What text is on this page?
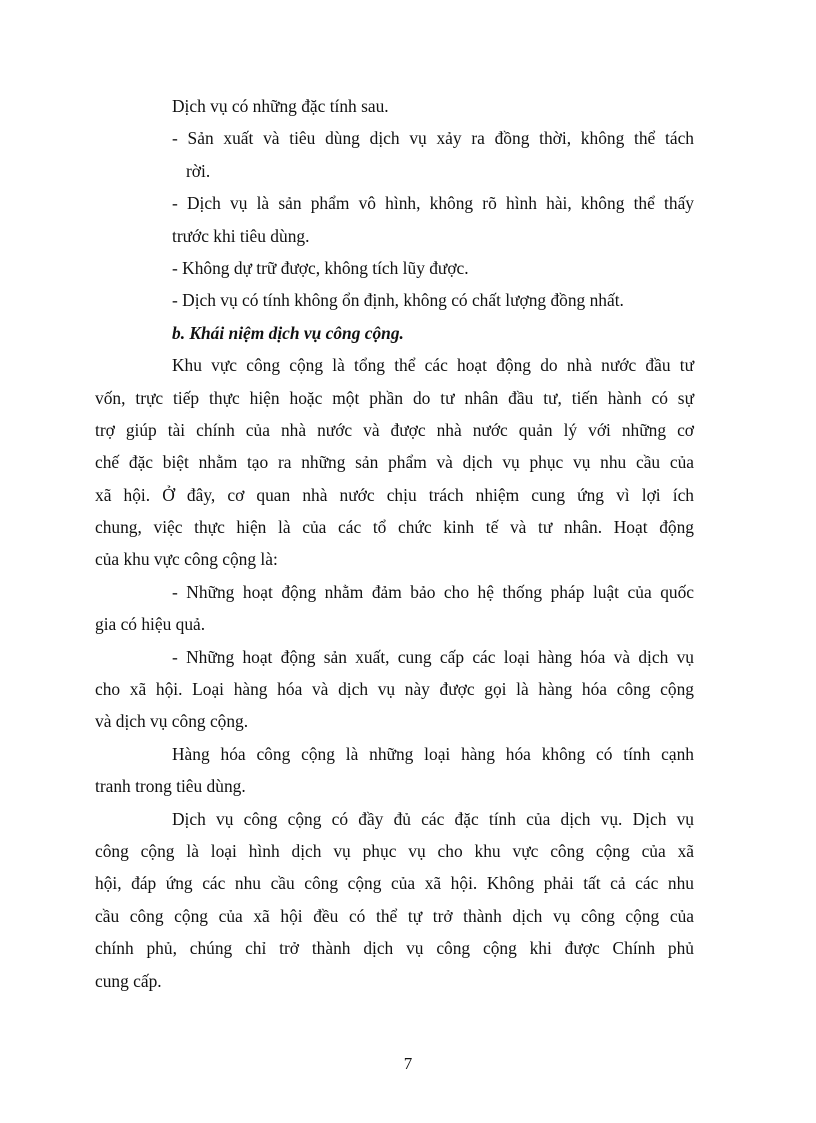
Dịch vụ có những đặc tính sau.
- Sản xuất và tiêu dùng dịch vụ xảy ra đồng thời, không thể tách
rời.
- Dịch vụ là sản phẩm vô hình, không rõ hình hài, không thể thấy
trước khi tiêu dùng.
- Không dự trữ được, không tích lũy được.
- Dịch vụ có tính không ổn định, không có chất lượng đồng nhất.
b. Khái niệm dịch vụ công cộng.
Khu vực công cộng là tổng thể các hoạt động do nhà nước đầu tư
vốn, trực tiếp thực hiện hoặc một phần do tư nhân đầu tư, tiến hành có sự
trợ giúp tài chính của nhà nước và được nhà nước quản lý với những cơ
chế đặc biệt nhằm tạo ra những sản phẩm và dịch vụ phục vụ nhu cầu của
xã hội. Ở đây, cơ quan nhà nước chịu trách nhiệm cung ứng vì lợi ích
chung, việc thực hiện là của các tổ chức kinh tế và tư nhân. Hoạt động
của khu vực công cộng là:
- Những hoạt động nhằm đảm bảo cho hệ thống pháp luật của quốc
gia có hiệu quả.
- Những hoạt động sản xuất, cung cấp các loại hàng hóa và dịch vụ
cho xã hội. Loại hàng hóa và dịch vụ này được gọi là hàng hóa công cộng
và dịch vụ công cộng.
Hàng hóa công cộng là những loại hàng hóa không có tính cạnh
tranh trong tiêu dùng.
Dịch vụ công cộng có đầy đủ các đặc tính của dịch vụ. Dịch vụ
công cộng là loại hình dịch vụ phục vụ cho khu vực công cộng của xã
hội, đáp ứng các nhu cầu công cộng của xã hội. Không phải tất cả các nhu
cầu công cộng của xã hội đều có thể tự trở thành dịch vụ công cộng của
chính phủ, chúng chỉ trở thành dịch vụ công cộng khi được Chính phủ
cung cấp.
7
